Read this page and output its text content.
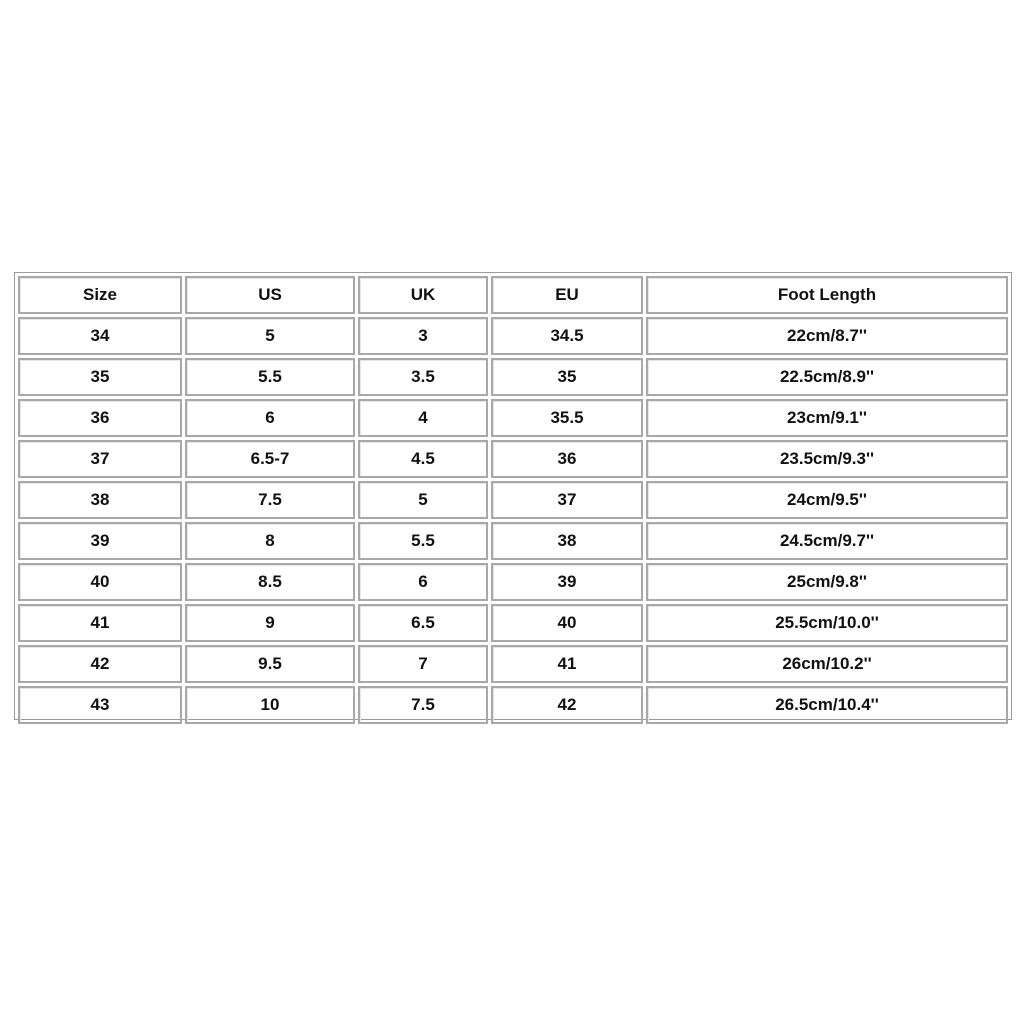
Size	US	UK	EU	Foot Length
34	5	3	34.5	22cm/8.7''
35	5.5	3.5	35	22.5cm/8.9''
36	6	4	35.5	23cm/9.1''
37	6.5-7	4.5	36	23.5cm/9.3''
38	7.5	5	37	24cm/9.5''
39	8	5.5	38	24.5cm/9.7''
40	8.5	6	39	25cm/9.8''
41	9	6.5	40	25.5cm/10.0''
42	9.5	7	41	26cm/10.2''
43	10	7.5	42	26.5cm/10.4''
